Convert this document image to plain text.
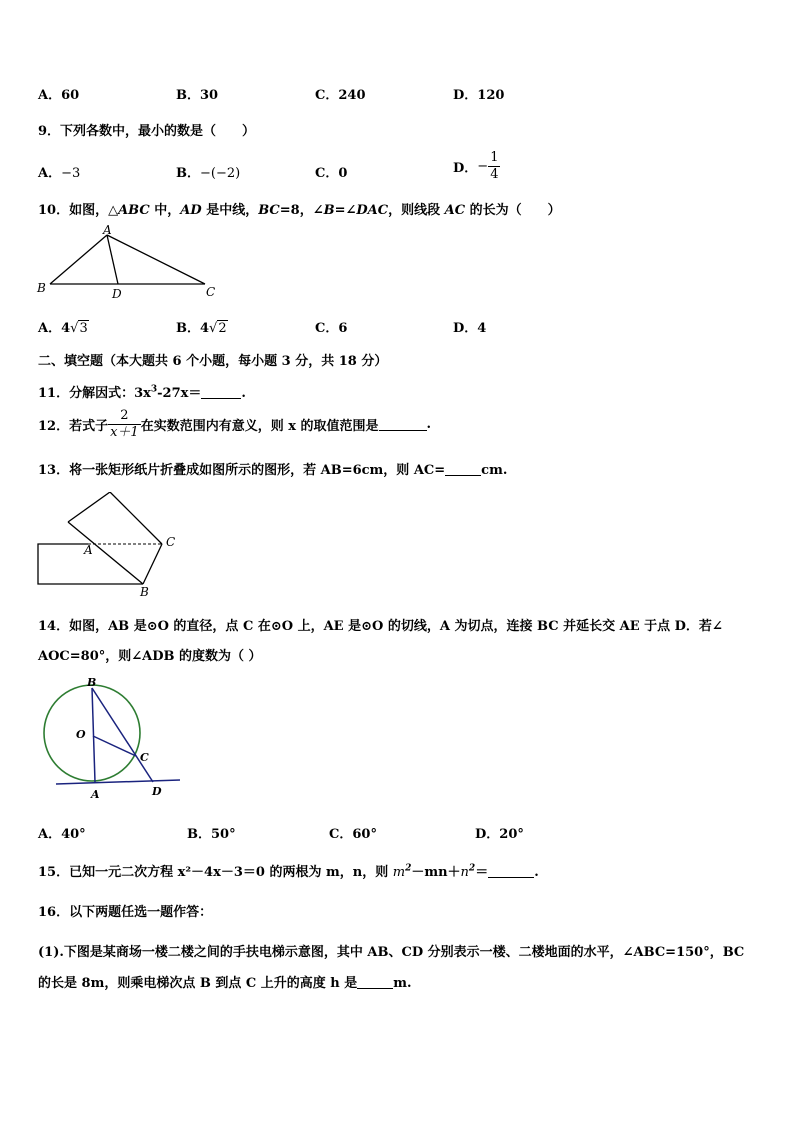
A．60	B．30	C．240	D．120
9．下列各数中，最小的数是（　　）
A．−3	B．−(−2)	C．0	D．− $\frac{1}{4}$
10．如图，△ABC 中，AD 是中线，BC=8，∠B=∠DAC，则线段 AC 的长为（　　）
A
B	C
D
A．4√3	B．4√2	C．6	D．4
二、填空题（本大题共 6 个小题，每小题 3 分，共 18 分）
11．分解因式：$3x^3-27x=$	.
12．若式子 $\frac{2}{x+1}$ 在实数范围内有意义，则 x 的取值范围是	.
13．将一张矩形纸片折叠成如图所示的图形，若 AB=6cm，则 AC=	cm.
A
C
B
14．如图，AB 是⊙O 的直径，点 C 在⊙O 上，AE 是⊙O 的切线，A 为切点，连接 BC 并延长交 AE 于点 D．若∠
AOC=80°，则∠ADB 的度数为（ ）
B
O
C
A	D
A．40°	B．50°	C．60°	D．20°
15．已知一元二次方程 x²－4x－3＝0 的两根为 m，n，则 $m^2-mn+n^2=$	.
16．以下两题任选一题作答：
(1).下图是某商场一楼二楼之间的手扶电梯示意图，其中 AB、CD 分别表示一楼、二楼地面的水平，∠ABC=150°，BC
的长是 8m，则乘电梯次点 B 到点 C 上升的高度 h 是	m.
